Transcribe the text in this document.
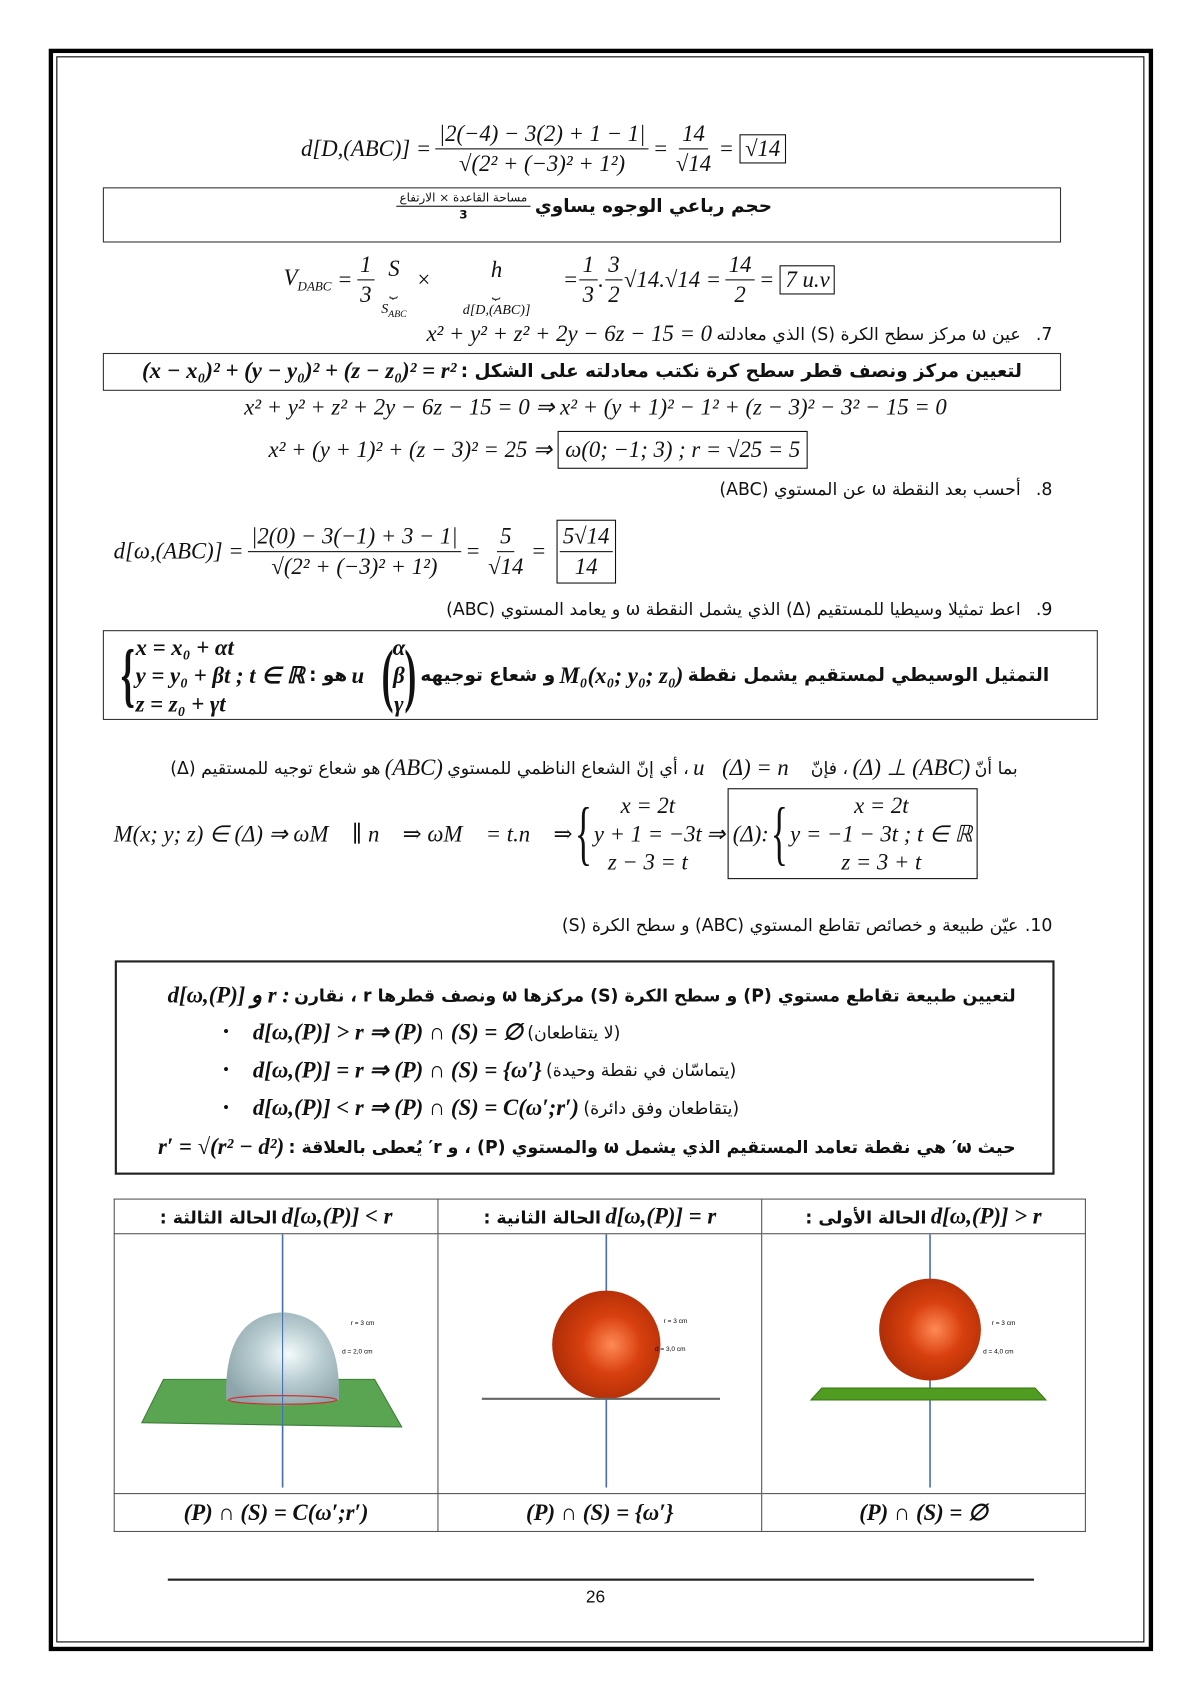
$d[D,(ABC)] = \frac{|2(-4) - 3(2) + 1 - 1|}{\text{√(2² + (−3)² + 1²)}} = \frac{14}{√14}$ =
√14
حجم رباعي الوجوه يساوي
$\frac{\text{مساحة القاعدة × الارتفاع}}{3}$
$V_{DABC}$
= $\frac{1}{3}$ S
⏟
$S_{ABC}$
×	h
⏟
d[D,(ABC)]
= $\frac{1}{3}$ . $\frac{3}{2} √14.√14 = \frac{14}{2}$ =
7 u.v
7.
عين ω مركز سطح الكرة (S) الذي معادلته

x² + y² + z² + 2y − 6z − 15 = 0
لتعيين مركز ونصف قطر سطح كرة نكتب معادلته على الشكل :

(x − x₀)² + (y − y₀)² + (z − z₀)² = r²
x² + y² + z² + 2y − 6z − 15 = 0 ⇒ x² + (y + 1)² − 1² + (z − 3)² − 3² − 15 = 0
x² + (y + 1)² + (z − 3)² = 25 ⇒
ω(0; −1; 3) ; r = √25 = 5
8.
أحسب بعد النقطة ω عن المستوي (ABC)
$d[\omega,(ABC)] = \frac{|2(0) - 3(-1) + 3 - 1|}{\text{√(2² + (−3)² + 1²)}} = \frac{5}{√14}$ =
$\frac{5√14}{14}$
9.
اعط تمثيلا وسيطيا للمستقيم (Δ) الذي يشمل النقطة ω و يعامد المستوي (ABC)
التمثيل الوسيطي لمستقيم يشمل نقطة

M₀(x₀; y₀; z₀)

و شعاع توجيهه

( α
β
γ )
u⃗

هو :

{ x = x₀ + αt
y = y₀ + βt ; t ∈ ℝ
z = z₀ + γt
بما أنّ

(Δ) ⊥ (ABC)

، فإنّ

u⃗(Δ) = n⃗

، أي إنّ الشعاع الناظمي للمستوي

(ABC)

هو شعاع توجيه للمستقيم (Δ)
M(x; y; z) ∈ (Δ) ⇒ ωM⃗ ∥ n⃗ ⇒ ωM⃗ = t.n⃗ ⇒ { x = 2t
y + 1 = −3t
z − 3 = t
⇒ (Δ): {	x = 2t
y = −1 − 3t ; t ∈ ℝ
z = 3 + t
10.
عيّن طبيعة و خصائص تقاطع المستوي (ABC) و سطح الكرة (S)
لتعيين طبيعة تقاطع مستوي (P) و سطح الكرة (S) مركزها ω ونصف قطرها r ، نقارن

d[ω,(P)] و r :
• d[ω,(P)] > r ⇒ (P) ∩ (S) = ∅
(لا يتقاطعان)
• d[ω,(P)] = r ⇒ (P) ∩ (S) = {ω′}
(يتماسّان في نقطة وحيدة)
• d[ω,(P)] < r ⇒ (P) ∩ (S) = C(ω′;r′)
(يتقاطعان وفق دائرة)
حيث ω′ هي نقطة تعامد المستقيم الذي يشمل ω والمستوي (P) ، و r′ يُعطى بالعلاقة :

r′ = √(r² − d²)
الحالة الثالثة : d[ω,(P)] < r	الحالة الثانية : d[ω,(P)] = r	الحالة الأولى : d[ω,(P)] > r

r = 3 cm
d = 2,0 cm	r = 3 cm
d = 3,0 cm	r = 3 cm
d = 4,0 cm

(P) ∩ (S) = C(ω′;r′)	(P) ∩ (S) = {ω′}	(P) ∩ (S) = ∅
26
